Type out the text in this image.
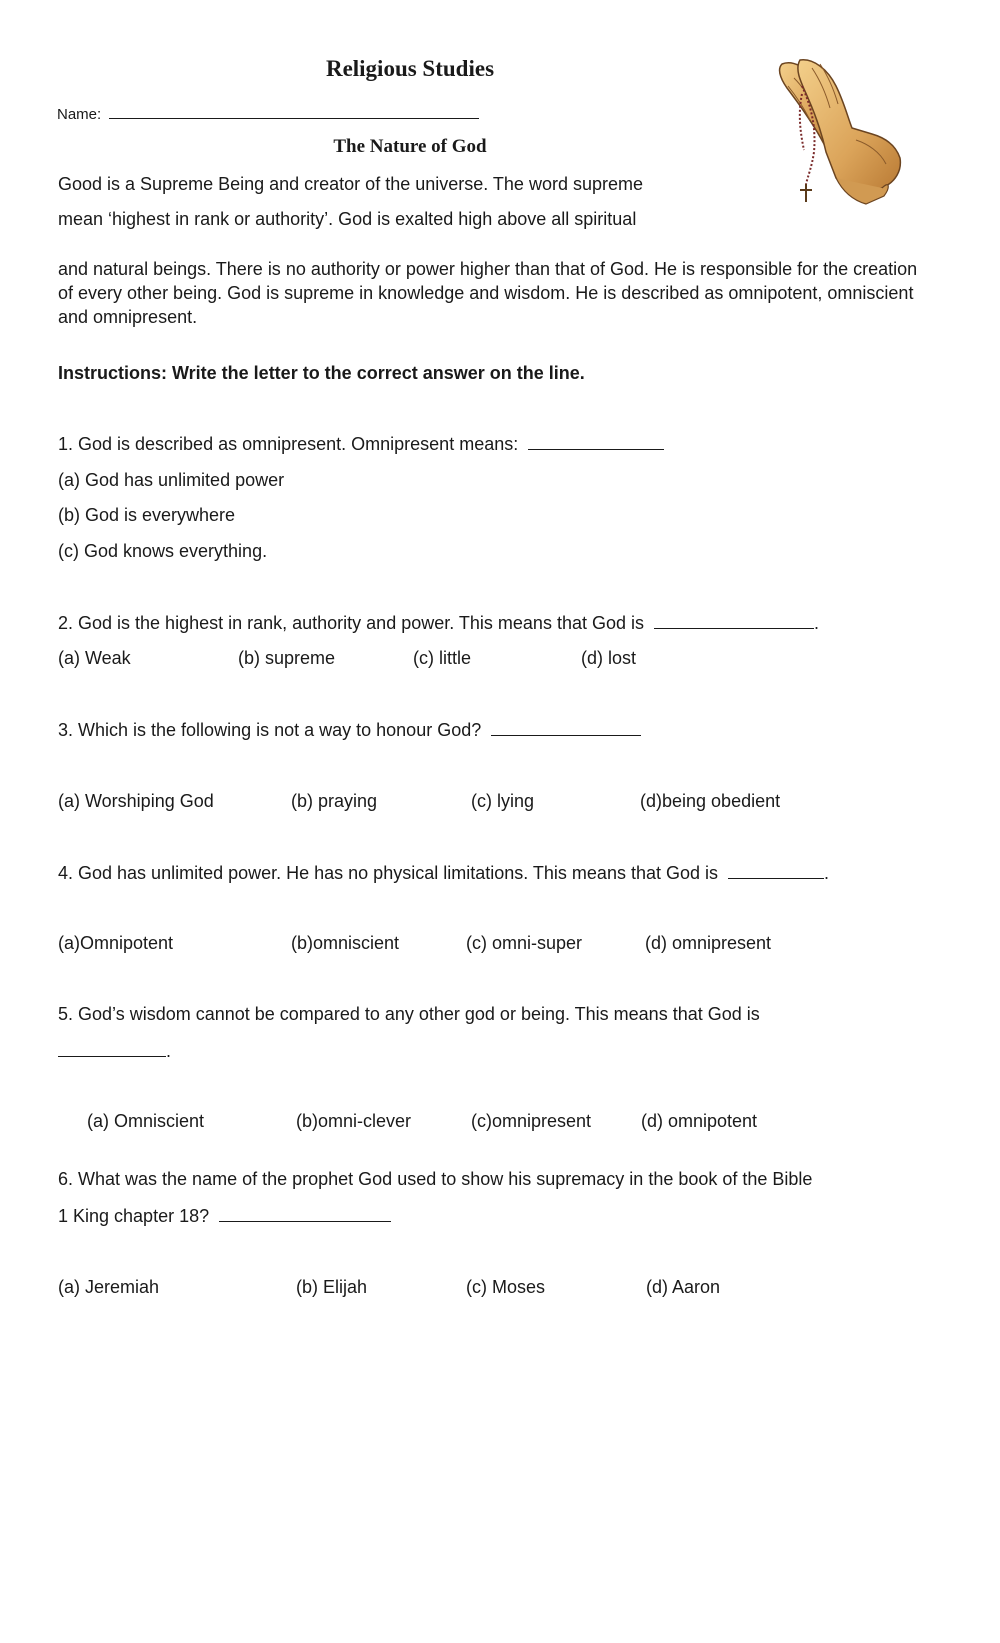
Religious Studies
Name:
The Nature of God
Good is a Supreme Being and creator of the universe. The word supreme
mean ‘highest in rank or authority’. God is exalted high above all spiritual
and natural beings. There is no authority or power higher than that of God. He is responsible for the creation of every other being. God is supreme in knowledge and wisdom. He is described as omnipotent, omniscient and omnipresent.
Instructions: Write the letter to the correct answer on the line.
1. God is described as omnipresent. Omnipresent means:
(a) God has unlimited power
(b) God is everywhere
(c) God knows everything.
2. God is the highest in rank, authority and power. This means that God is	.
(a) Weak	(b) supreme	(c) little	(d) lost
3. Which is the following is not a way to honour God?
(a) Worshiping God	(b) praying	(c) lying	(d)being obedient
4. God has unlimited power. He has no physical limitations. This means that God is	.
(a)Omnipotent	(b)omniscient	(c) omni-super	(d) omnipresent
5. God’s wisdom cannot be compared to any other god or being. This means that God is
.
(a) Omniscient	(b)omni-clever	(c)omnipresent	(d) omnipotent
6. What was the name of the prophet God used to show his supremacy in the book of the Bible
1 King chapter 18?
(a) Jeremiah	(b) Elijah	(c) Moses	(d) Aaron
